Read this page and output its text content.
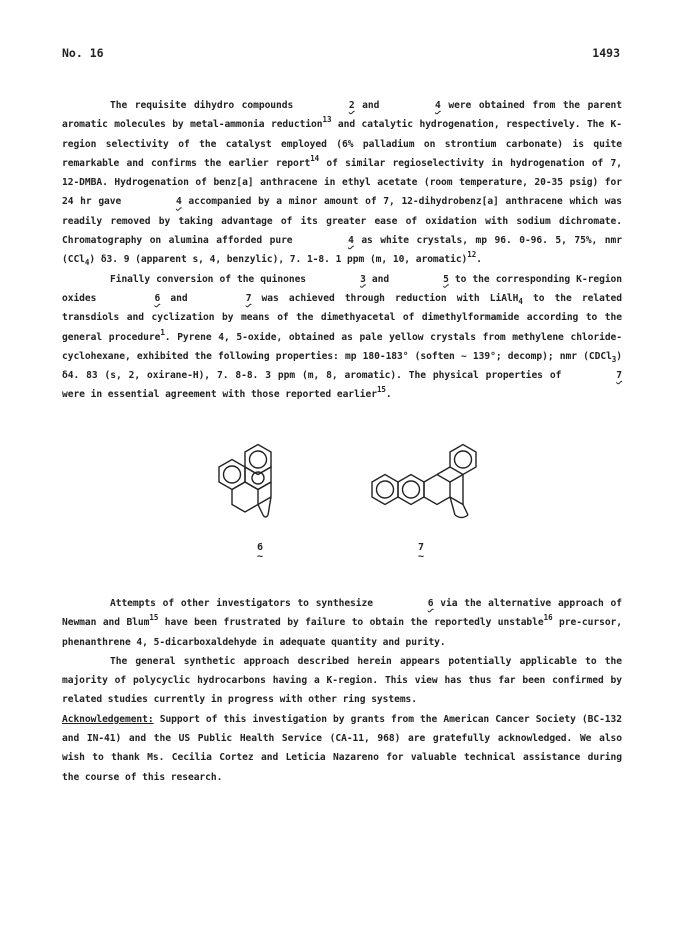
No. 16	1493

The requisite dihydro compounds	2 and	4 were obtained from the parent aromatic molecules by metal-ammonia reduction$^{13}$ and catalytic hydrogenation, respectively. The K-region selectivity of the catalyst employed (6% palladium on strontium carbonate) is quite remarkable and confirms the earlier report$^{14}$ of similar regioselectivity in hydrogenation of 7, 12-DMBA. Hydrogenation of benz[a] anthracene in ethyl acetate (room temperature, 20-35 psig) for 24 hr gave	4 accompanied by a minor amount of 7, 12-dihydrobenz[a] anthracene which was readily removed by taking advantage of its greater ease of oxidation with sodium dichromate. Chromatography on alumina afforded pure	4 as white crystals, mp 96. 0-96. 5, 75%, nmr (CCl$_4$) δ3. 9 (apparent s, 4, benzylic), 7. 1-8. 1 ppm (m, 10, aromatic)$^{12}$.

Finally conversion of the quinones	3 and	5 to the corresponding K-region oxides	6 and	7 was achieved through reduction with LiAlH$_4$ to the related transdiols and cyclization by means of the dimethyacetal of dimethylformamide according to the general procedure$^1$. Pyrene 4, 5-oxide, obtained as pale yellow crystals from methylene chloride-cyclohexane, exhibited the following properties: mp 180-183° (soften ~ 139°; decomp); nmr (CDCl$_3$) δ4. 83 (s, 2, oxirane-H), 7. 8-8. 3 ppm (m, 8, aromatic). The physical properties of	7 were in essential agreement with those reported earlier$^{15}$.

6
~
7
~

Attempts of other investigators to synthesize	6 via the alternative approach of Newman and Blum$^{15}$ have been frustrated by failure to obtain the reportedly unstable$^{16}$ pre-cursor, phenanthrene 4, 5-dicarboxaldehyde in adequate quantity and purity.

The general synthetic approach described herein appears potentially applicable to the majority of polycyclic hydrocarbons having a K-region. This view has thus far been confirmed by related studies currently in progress with other ring systems.

Acknowledgement: Support of this investigation by grants from the American Cancer Society (BC-132 and IN-41) and the US Public Health Service (CA-11, 968) are gratefully acknowledged. We also wish to thank Ms. Cecilia Cortez and Leticia Nazareno for valuable technical assistance during the course of this research.
